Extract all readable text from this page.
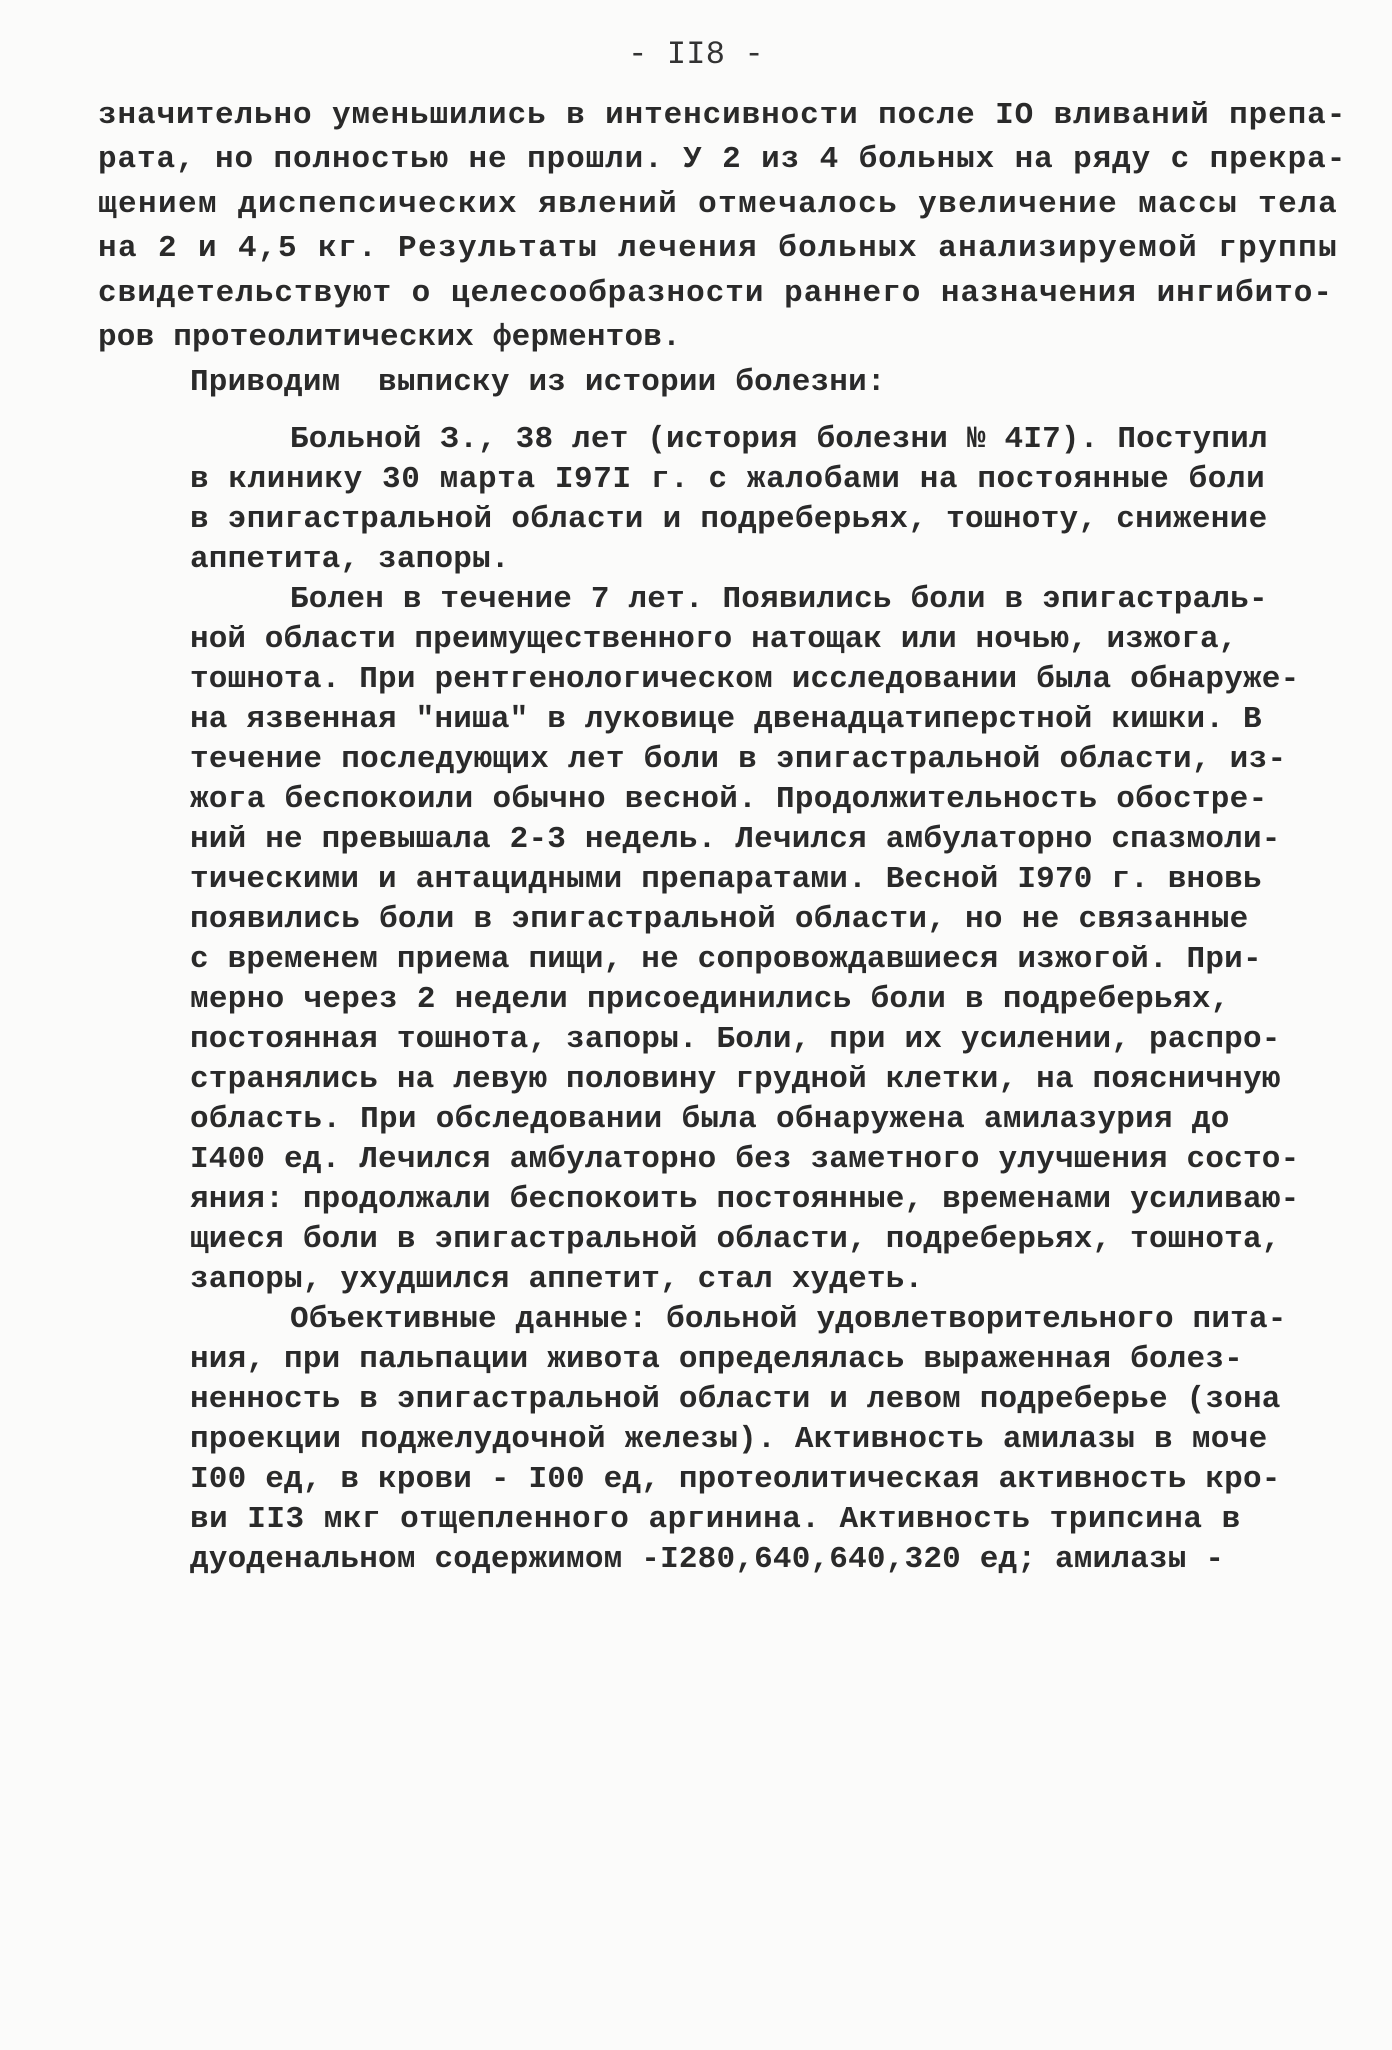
- II8 -
значительно уменьшились в интенсивности после IO вливаний препа-
рата, но полностью не прошли. У 2 из 4 больных на ряду с прекра-
щением диспепсических явлений отмечалось увеличение массы тела
на 2 и 4,5 кг. Результаты лечения больных анализируемой группы
свидетельствуют о целесообразности раннего назначения ингибито-
ров протеолитических ферментов.
Приводим  выписку из истории болезни:
Больной З., 38 лет (история болезни № 4I7). Поступил
в клинику 30 марта I97I г. с жалобами на постоянные боли
в эпигастральной области и подреберьях, тошноту, снижение
аппетита, запоры.
Болен в течение 7 лет. Появились боли в эпигастраль-
ной области преимущественного натощак или ночью, изжога,
тошнота. При рентгенологическом исследовании была обнаруже-
на язвенная "ниша" в луковице двенадцатиперстной кишки. В
течение последующих лет боли в эпигастральной области, из-
жога беспокоили обычно весной. Продолжительность обостре-
ний не превышала 2-3 недель. Лечился амбулаторно спазмоли-
тическими и антацидными препаратами. Весной I970 г. вновь
появились боли в эпигастральной области, но не связанные
с временем приема пищи, не сопровождавшиеся изжогой. При-
мерно через 2 недели присоединились боли в подреберьях,
постоянная тошнота, запоры. Боли, при их усилении, распро-
странялись на левую половину грудной клетки, на поясничную
область. При обследовании была обнаружена амилазурия до
I400 ед. Лечился амбулаторно без заметного улучшения состо-
яния: продолжали беспокоить постоянные, временами усиливаю-
щиеся боли в эпигастральной области, подреберьях, тошнота,
запоры, ухудшился аппетит, стал худеть.
Объективные данные: больной удовлетворительного пита-
ния, при пальпации живота определялась выраженная болез-
ненность в эпигастральной области и левом подреберье (зона
проекции поджелудочной железы). Активность амилазы в моче
I00 ед, в крови - I00 ед, протеолитическая активность кро-
ви II3 мкг отщепленного аргинина. Активность трипсина в
дуоденальном содержимом -I280,640,640,320 ед; амилазы -
